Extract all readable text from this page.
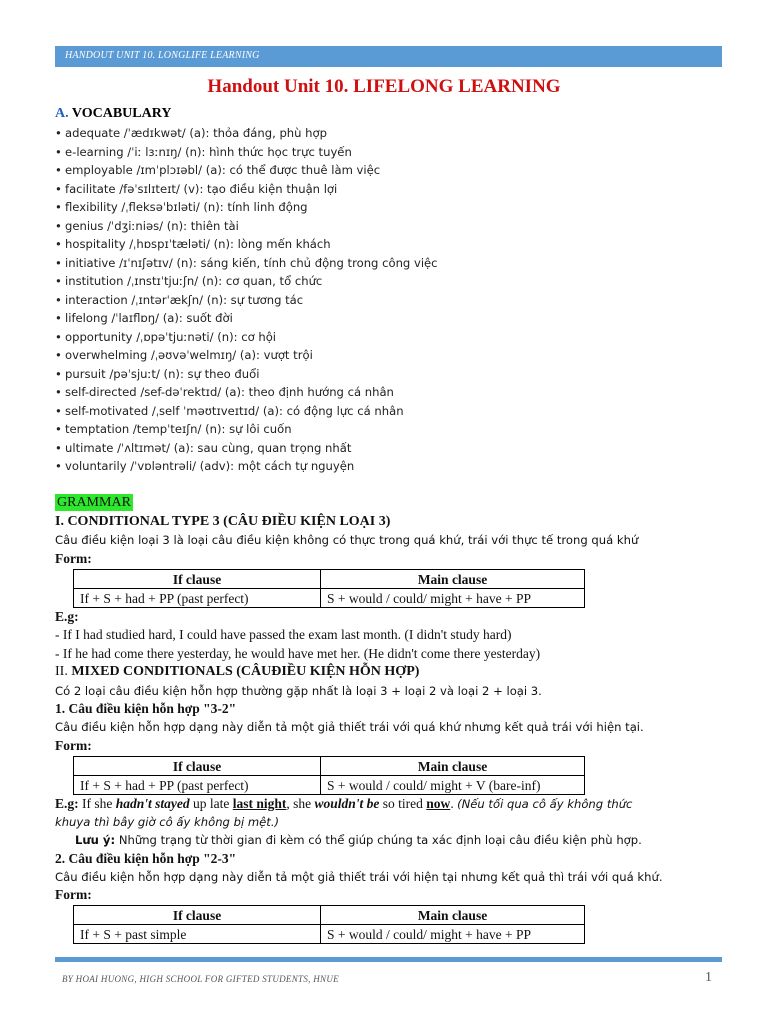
HANDOUT UNIT 10. LONGLIFE LEARNING
Handout Unit 10. LIFELONG LEARNING
A. VOCABULARY
• adequate /ˈædɪkwət/ (a): thỏa đáng, phù hợp
• e-learning /ˈiː lɜːnɪŋ/ (n): hình thức học trực tuyến
• employable /ɪmˈplɔɪəbl/ (a): có thể được thuê làm việc
• facilitate /fəˈsɪlɪteɪt/ (v): tạo điều kiện thuận lợi
• flexibility /ˌfleksəˈbɪləti/ (n): tính linh động
• genius /ˈdʒiːniəs/ (n): thiên tài
• hospitality /ˌhɒspɪˈtæləti/ (n): lòng mến khách
• initiative /ɪˈnɪʃətɪv/ (n): sáng kiến, tính chủ động trong công việc
• institution /ˌɪnstɪˈtjuːʃn/ (n): cơ quan, tổ chức
• interaction /ˌɪntərˈækʃn/ (n): sự tương tác
• lifelong /ˈlaɪflɒŋ/ (a): suốt đời
• opportunity /ˌɒpəˈtjuːnəti/ (n): cơ hội
• overwhelming /ˌəʊvəˈwelmɪŋ/ (a): vượt trội
• pursuit /pəˈsjuːt/ (n): sự theo đuổi
• self-directed /sef-dəˈrektɪd/ (a): theo định hướng cá nhân
• self-motivated /ˌself ˈməʊtɪveɪtɪd/ (a): có động lực cá nhân
• temptation /tempˈteɪʃn/ (n): sự lôi cuốn
• ultimate /ˈʌltɪmət/ (a): sau cùng, quan trọng nhất
• voluntarily /ˈvɒləntrəli/ (adv): một cách tự nguyện
GRAMMAR
I. CONDITIONAL TYPE 3 (CÂU ĐIỀU KIỆN LOẠI 3)
Câu điều kiện loại 3 là loại câu điều kiện không có thực trong quá khứ, trái với thực tế trong quá khứ
Form:
If clause	Main clause
If + S + had + PP (past perfect)	S + would / could/ might + have + PP
E.g:
- If I had studied hard, I could have passed the exam last month. (I didn't study hard)
- If he had come there yesterday, he would have met her. (He didn't come there yesterday)
II. MIXED CONDITIONALS (CÂUĐIỀU KIỆN HỖN HỢP)
Có 2 loại câu điều kiện hỗn hợp thường gặp nhất là loại 3 + loại 2 và loại 2 + loại 3.
1. Câu điều kiện hỗn hợp "3-2"
Câu điều kiện hỗn hợp dạng này diễn tả một giả thiết trái với quá khứ nhưng kết quả trái với hiện tại.
Form:
If clause	Main clause
If + S + had + PP (past perfect)	S + would / could/ might + V (bare-inf)
E.g: If she hadn't stayed up late last night, she wouldn't be so tired now. (Nếu tối qua cô ấy không thức
khuya thì bây giờ cô ấy không bị mệt.)
Lưu ý: Những trạng từ thời gian đi kèm có thể giúp chúng ta xác định loại câu điều kiện phù hợp.
2. Câu điều kiện hỗn hợp "2-3"
Câu điều kiện hỗn hợp dạng này diễn tả một giả thiết trái với hiện tại nhưng kết quả thì trái với quá khứ.
Form:
If clause	Main clause
If + S + past simple	S + would / could/ might + have + PP
BY HOAI HUONG, HIGH SCHOOL FOR GIFTED STUDENTS, HNUE	1
